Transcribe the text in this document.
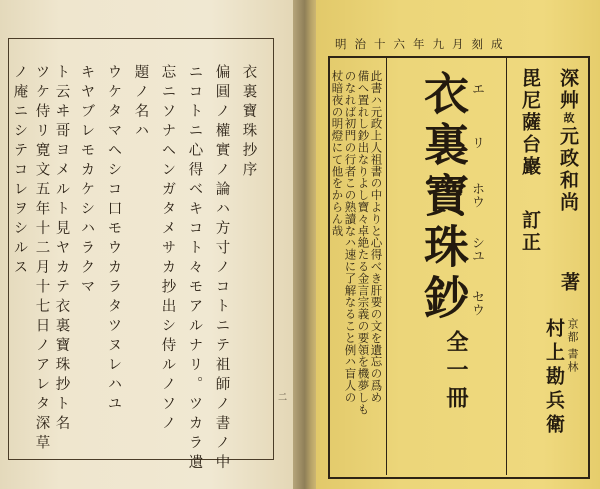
衣裏寶珠抄序
偏圓ノ權實ノ論ハ方寸ノコトニテ祖師ノ書ノ中
ニコトニ心得ベキコト々モアルナリ。ツカラ遺
忘ニソナヘンガタメサカ抄出シ侍ルノソノ
題ノ名ハ
ウケタマヘシコ口モウカラタツヌレハユ
キヤブレモカケシハラクマ
ト云ヰ哥ヨメルト見ヤカテ衣裏寶珠抄ト名
ツケ侍リ寛文五年十二月十七日ノアレタ深草
ノ庵ニシテコレヲシルス
二
明治十六年九月刻成
此書ハ元政上人祖書の中よりと心得べき肝要の文を遺忘の爲め
備へ置れし鈔出なりよし寶々卓絶たる金言宗義の要領を機夢しも
のなれば初門の行者この熟讀なハ速に了解なること例ハ盲人の
杖暗夜の明燈にて他をからん哉 衣裏寶珠鈔 エ
リ
ホウ
シユ
セウ
全一冊
深艸故元政和尚
著
毘尼薩台巖
訂正
京都
書林
村上勘兵衛
